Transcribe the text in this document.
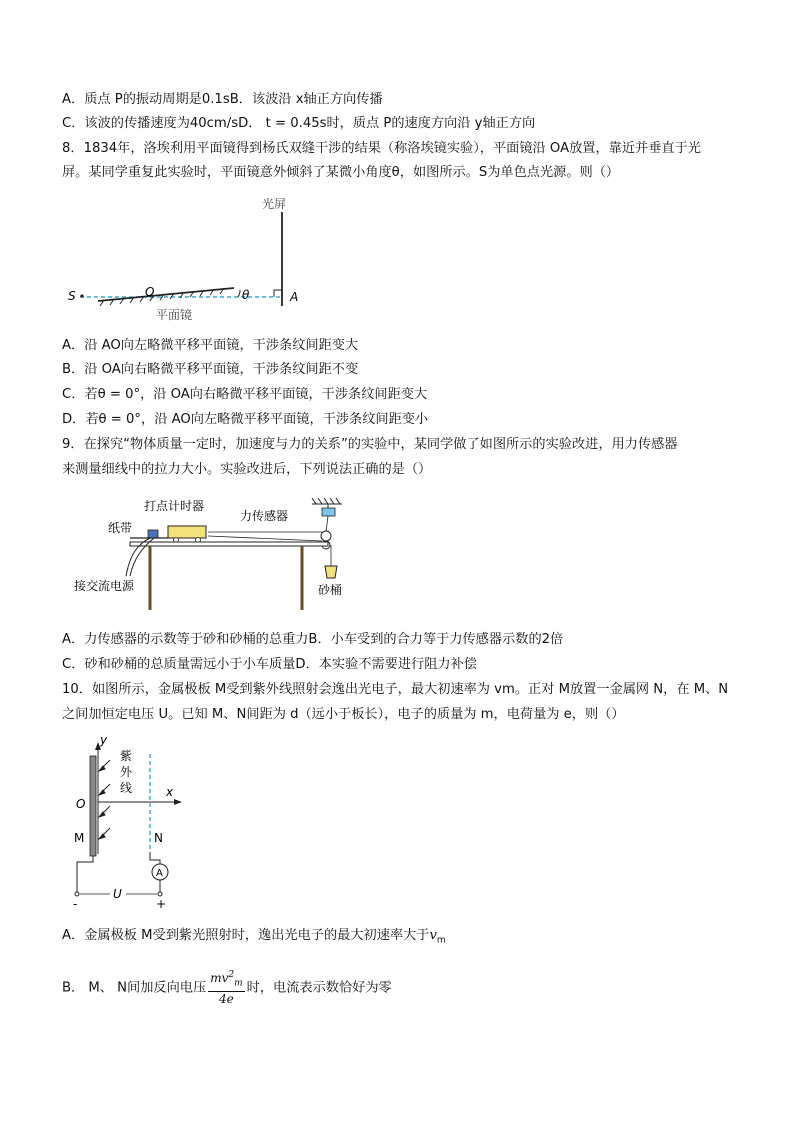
A．质点 P的振动周期是0.1sB．该波沿 x轴正方向传播
C．该波的传播速度为40cm/sD． t = 0.45s时，质点 P的速度方向沿 y轴正方向
8．1834年，洛埃利用平面镜得到杨氏双缝干涉的结果（称洛埃镜实验），平面镜沿 OA放置，靠近并垂直于光
屏。某同学重复此实验时，平面镜意外倾斜了某微小角度θ，如图所示。S为单色点光源。则（）
光屏
S	O	θ	A
平面镜
A．沿 AO向左略微平移平面镜，干涉条纹间距变大
B．沿 OA向右略微平移平面镜，干涉条纹间距不变
C．若θ = 0°，沿 OA向右略微平移平面镜，干涉条纹间距变大
D．若θ = 0°，沿 AO向左略微平移平面镜，干涉条纹间距变小
9．在探究“物体质量一定时，加速度与力的关系”的实验中，某同学做了如图所示的实验改进，用力传感器
来测量细线中的拉力大小。实验改进后，下列说法正确的是（）
打点计时器
力传感器
纸带
接交流电源	砂桶
A．力传感器的示数等于砂和砂桶的总重力B．小车受到的合力等于力传感器示数的2倍
C．砂和砂桶的总质量需远小于小车质量D．本实验不需要进行阻力补偿
10．如图所示，金属极板 M受到紫外线照射会逸出光电子，最大初速率为 vm。正对 M放置一金属网 N，在 M、N
之间加恒定电压 U。已知 M、N间距为 d（远小于板长），电子的质量为 m，电荷量为 e，则（）
y
紫
外
线	x
O
M	N
A
U
-	+
A．金属极板 M受到紫光照射时，逸出光电子的最大初速率大于$v_m$
B． M、 N间加反向电压 $\frac{mv^2_m}{4e}$ 时，电流表示数恰好为零
